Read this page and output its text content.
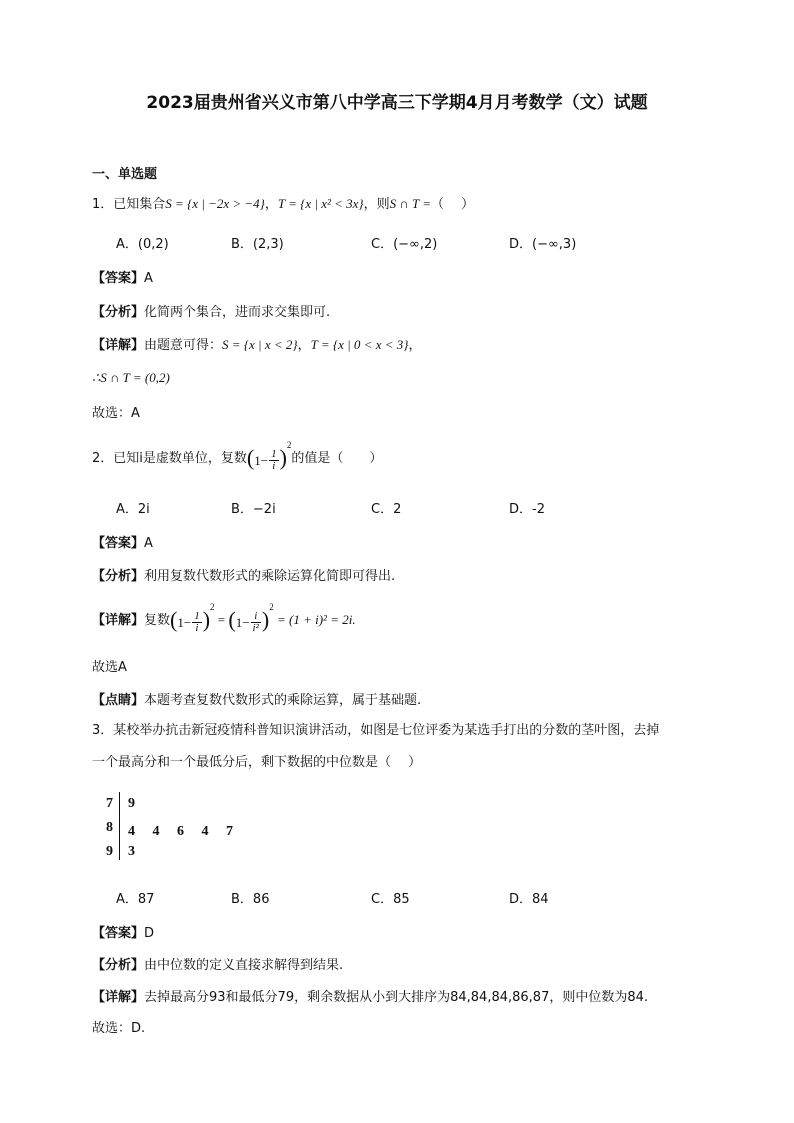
2023届贵州省兴义市第八中学高三下学期4月月考数学（文）试题
一、单选题
1．已知集合S = {x | −2x > −4}，T = {x | x² < 3x}，则S ∩ T =（　 ）
A．(0,2)	B．(2,3)	C．(−∞,2)	D．(−∞,3)
【答案】A
【分析】化简两个集合，进而求交集即可.
【详解】由题意可得：S = {x | x < 2}，T = {x | 0 < x < 3}，
∴S ∩ T = (0,2)
故选：A
2．已知i是虚数单位，复数$(1- \frac{1}{i} )^2$的值是（　　）
A．2i	B．−2i	C．2	D．-2
【答案】A
【分析】利用复数代数形式的乘除运算化简即可得出.
【详解】复数$(1- \frac{1}{i} )^2 = (1- \frac{i}{\text{i²}} )^2 = (1 + i)^2 = 2i$.
故选A
【点睛】本题考查复数代数形式的乘除运算，属于基础题.
3．某校举办抗击新冠疫情科普知识演讲活动，如图是七位评委为某选手打出的分数的茎叶图，去掉
一个最高分和一个最低分后，剩下数据的中位数是（　 ）
7 9
8 4　 4　 6　 4　 7
9 3
A．87	B．86	C．85	D．84
【答案】D
【分析】由中位数的定义直接求解得到结果.
【详解】去掉最高分93和最低分79，剩余数据从小到大排序为84,84,84,86,87，则中位数为84.
故选：D.
